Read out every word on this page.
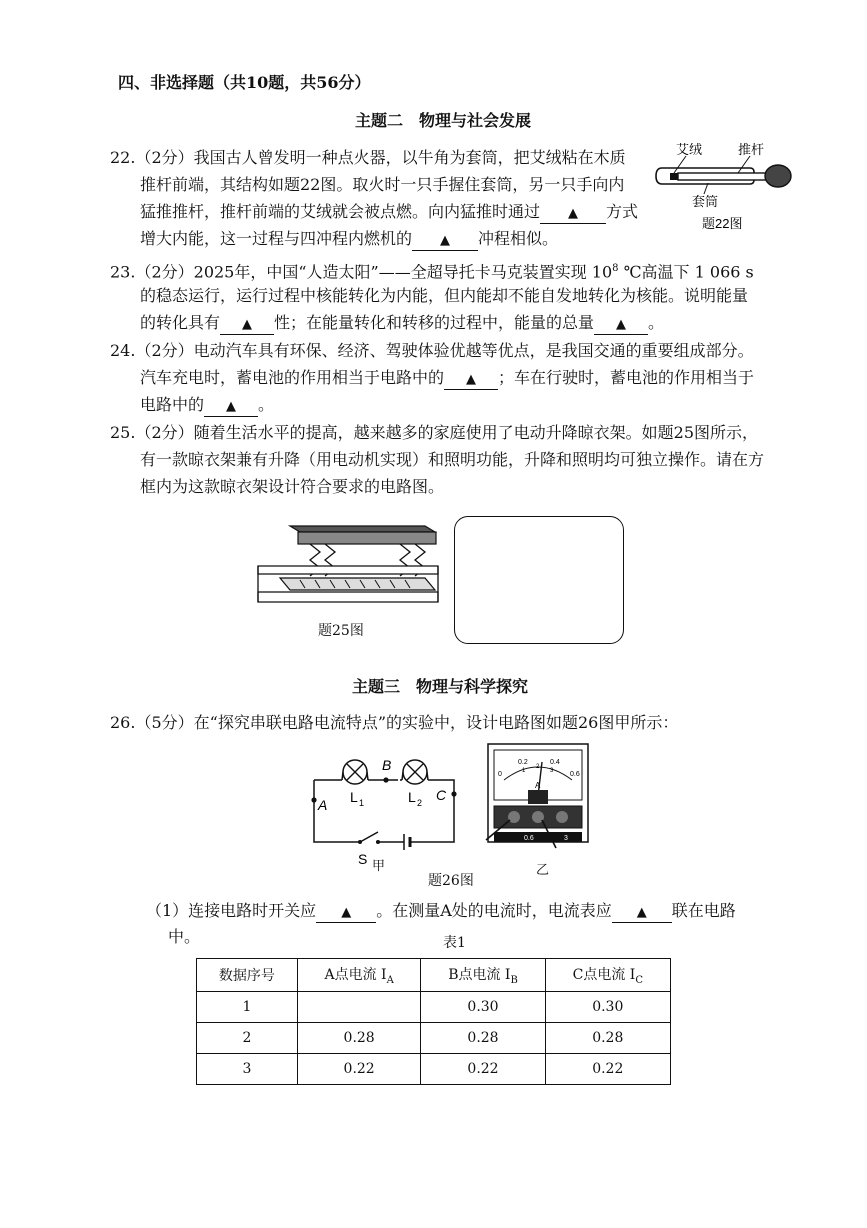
四、非选择题（共10题，共56分）
主题二　物理与社会发展
22.（2分）我国古人曾发明一种点火器，以牛角为套筒，把艾绒粘在木质
推杆前端，其结构如题22图。取火时一只手握住套筒，另一只手向内
猛推推杆，推杆前端的艾绒就会被点燃。向内猛推时通过 ▲ 方式
增大内能，这一过程与四冲程内燃机的 ▲ 冲程相似。
艾绒	推杆
套筒
题22图
23.（2分）2025年，中国“人造太阳”——全超导托卡马克装置实现 $10^8$ ℃高温下 1 066 s
的稳态运行，运行过程中核能转化为内能，但内能却不能自发地转化为核能。说明能量
的转化具有 ▲ 性；在能量转化和转移的过程中，能量的总量 ▲ 。
24.（2分）电动汽车具有环保、经济、驾驶体验优越等优点，是我国交通的重要组成部分。
汽车充电时，蓄电池的作用相当于电路中的 ▲ ；车在行驶时，蓄电池的作用相当于
电路中的 ▲ 。
25.（2分）随着生活水平的提高，越来越多的家庭使用了电动升降晾衣架。如题25图所示，
有一款晾衣架兼有升降（用电动机实现）和照明功能，升降和照明均可独立操作。请在方
框内为这款晾衣架设计符合要求的电路图。
题25图
主题三　物理与科学探究
26.（5分）在“探究串联电路电流特点”的实验中，设计电路图如题26图甲所示：
A
B
C
L 1	L 2
S 甲
0
0.2	0.4
0.6
1
2
3
A
0.6	3
乙
题26图
（1）连接电路时开关应 ▲ 。在测量A处的电流时，电流表应 ▲ 联在电路
中。	表1
数据序号	A点电流 $I_A$	B点电流 $I_B$	C点电流 $I_C$
1		0.30	0.30
2	0.28	0.28	0.28
3	0.22	0.22	0.22
